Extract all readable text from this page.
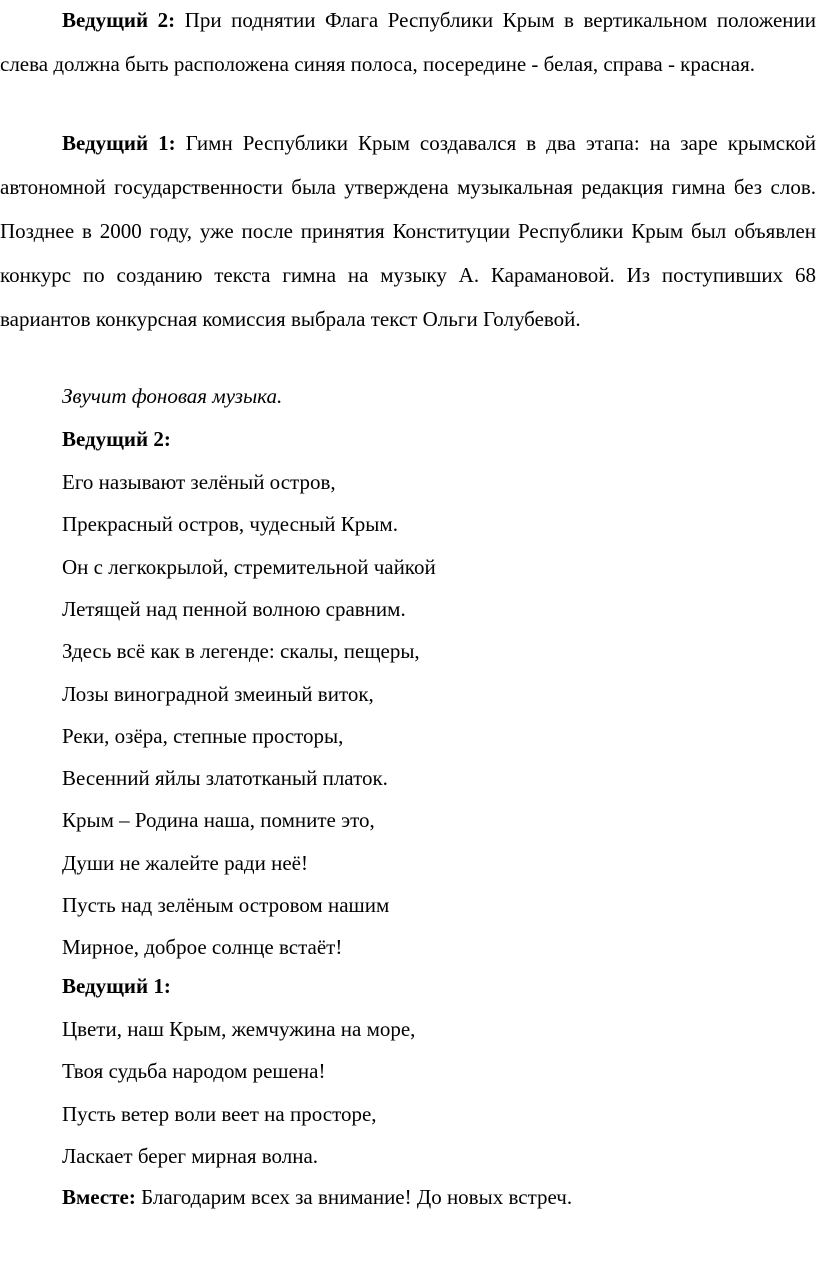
Ведущий 2: При поднятии Флага Республики Крым в вертикальном положении слева должна быть расположена синяя полоса, посередине - белая, справа - красная.

Ведущий 1: Гимн Республики Крым создавался в два этапа: на заре крымской автономной государственности была утверждена музыкальная редакция гимна без слов. Позднее в 2000 году, уже после принятия Конституции Республики Крым был объявлен конкурс по созданию текста гимна на музыку А. Карамановой. Из поступивших 68 вариантов конкурсная комиссия выбрала текст Ольги Голубевой.

Звучит фоновая музыка.

Ведущий 2:

Его называют зелёный остров,

Прекрасный остров, чудесный Крым.

Он с легкокрылой, стремительной чайкой

Летящей над пенной волною сравним.

Здесь всё как в легенде: скалы, пещеры,

Лозы виноградной змеиный виток,

Реки, озёра, степные просторы,

Весенний яйлы златотканый платок.

Крым – Родина наша, помните это,

Души не жалейте ради неё!

Пусть над зелёным островом нашим

Мирное, доброе солнце встаёт!

Ведущий 1:

Цвети, наш Крым, жемчужина на море,

Твоя судьба народом решена!

Пусть ветер воли веет на просторе,

Ласкает берег мирная волна.

Вместе: Благодарим всех за внимание! До новых встреч.
